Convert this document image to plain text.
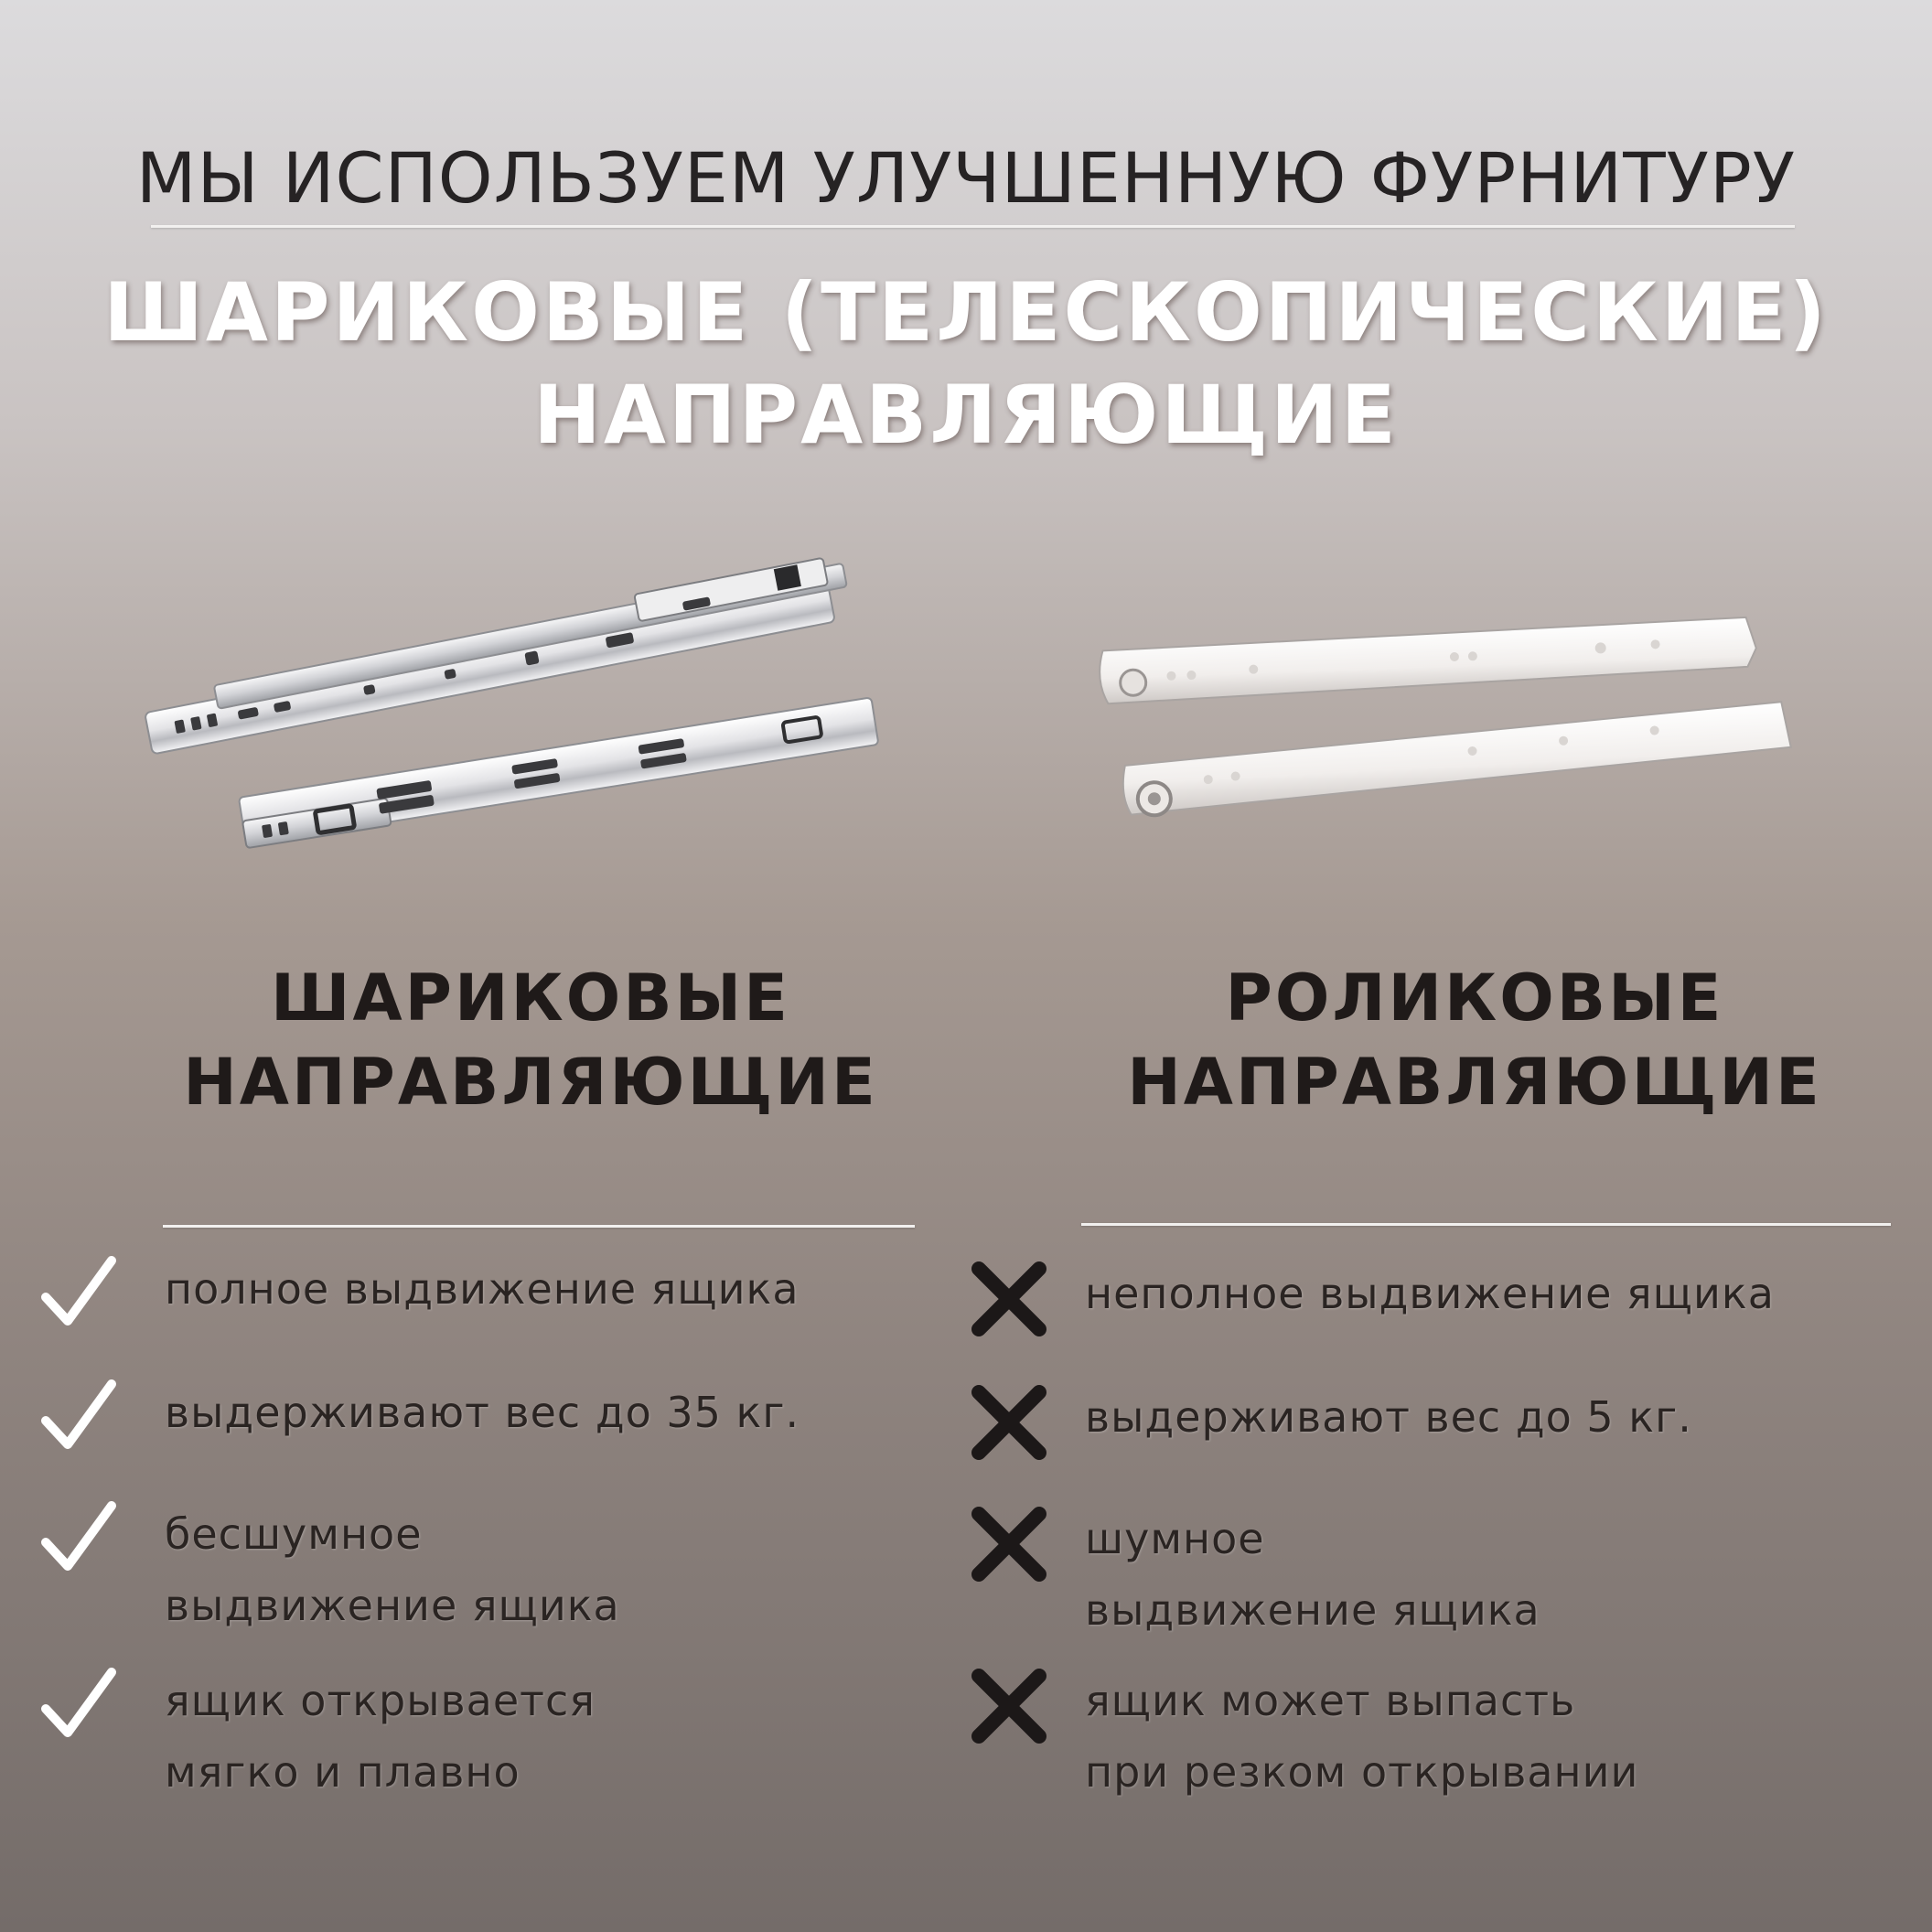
МЫ ИСПОЛЬЗУЕМ УЛУЧШЕННУЮ ФУРНИТУРУ
ШАРИКОВЫЕ (ТЕЛЕСКОПИЧЕСКИЕ)
НАПРАВЛЯЮЩИЕ
ШАРИКОВЫЕ
НАПРАВЛЯЮЩИЕ
РОЛИКОВЫЕ
НАПРАВЛЯЮЩИЕ
полное выдвижение ящика
выдерживают вес до 35 кг.
бесшумное
выдвижение ящика
ящик открывается
мягко и плавно
неполное выдвижение ящика
выдерживают вес до 5 кг.
шумное
выдвижение ящика
ящик может выпасть
при резком открывании
